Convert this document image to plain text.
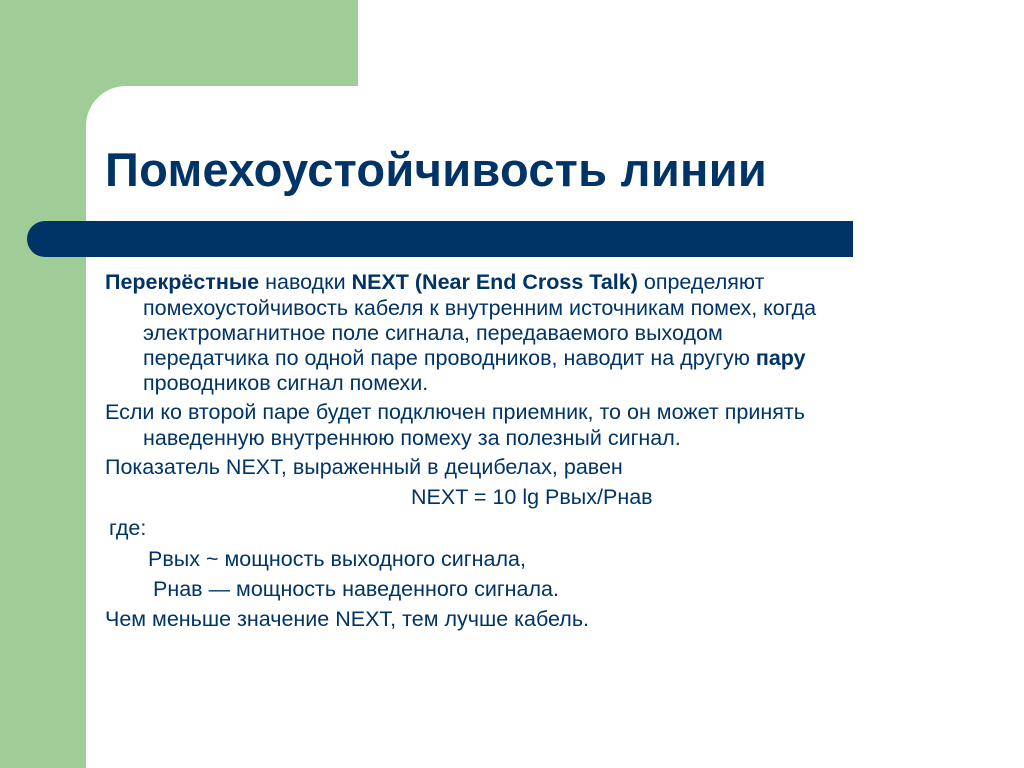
Помехоустойчивость линии
Перекрёстные наводки NEXT (Near End Cross Talk) определяют
помехоустойчивость кабеля к внутренним источникам помех, когда
электромагнитное поле сигнала, передаваемого выходом
передатчика по одной паре проводников, наводит на другую пару
проводников сигнал помехи.
Если ко второй паре будет подключен приемник, то он может принять
наведенную внутреннюю помеху за полезный сигнал.
Показатель NEXT, выраженный в децибелах, равен
NEXT = 10 lg Рвых/Рнав
где:
Рвых ~ мощность выходного сигнала,
Рнав — мощность наведенного сигнала.
Чем меньше значение NEXT, тем лучше кабель.
